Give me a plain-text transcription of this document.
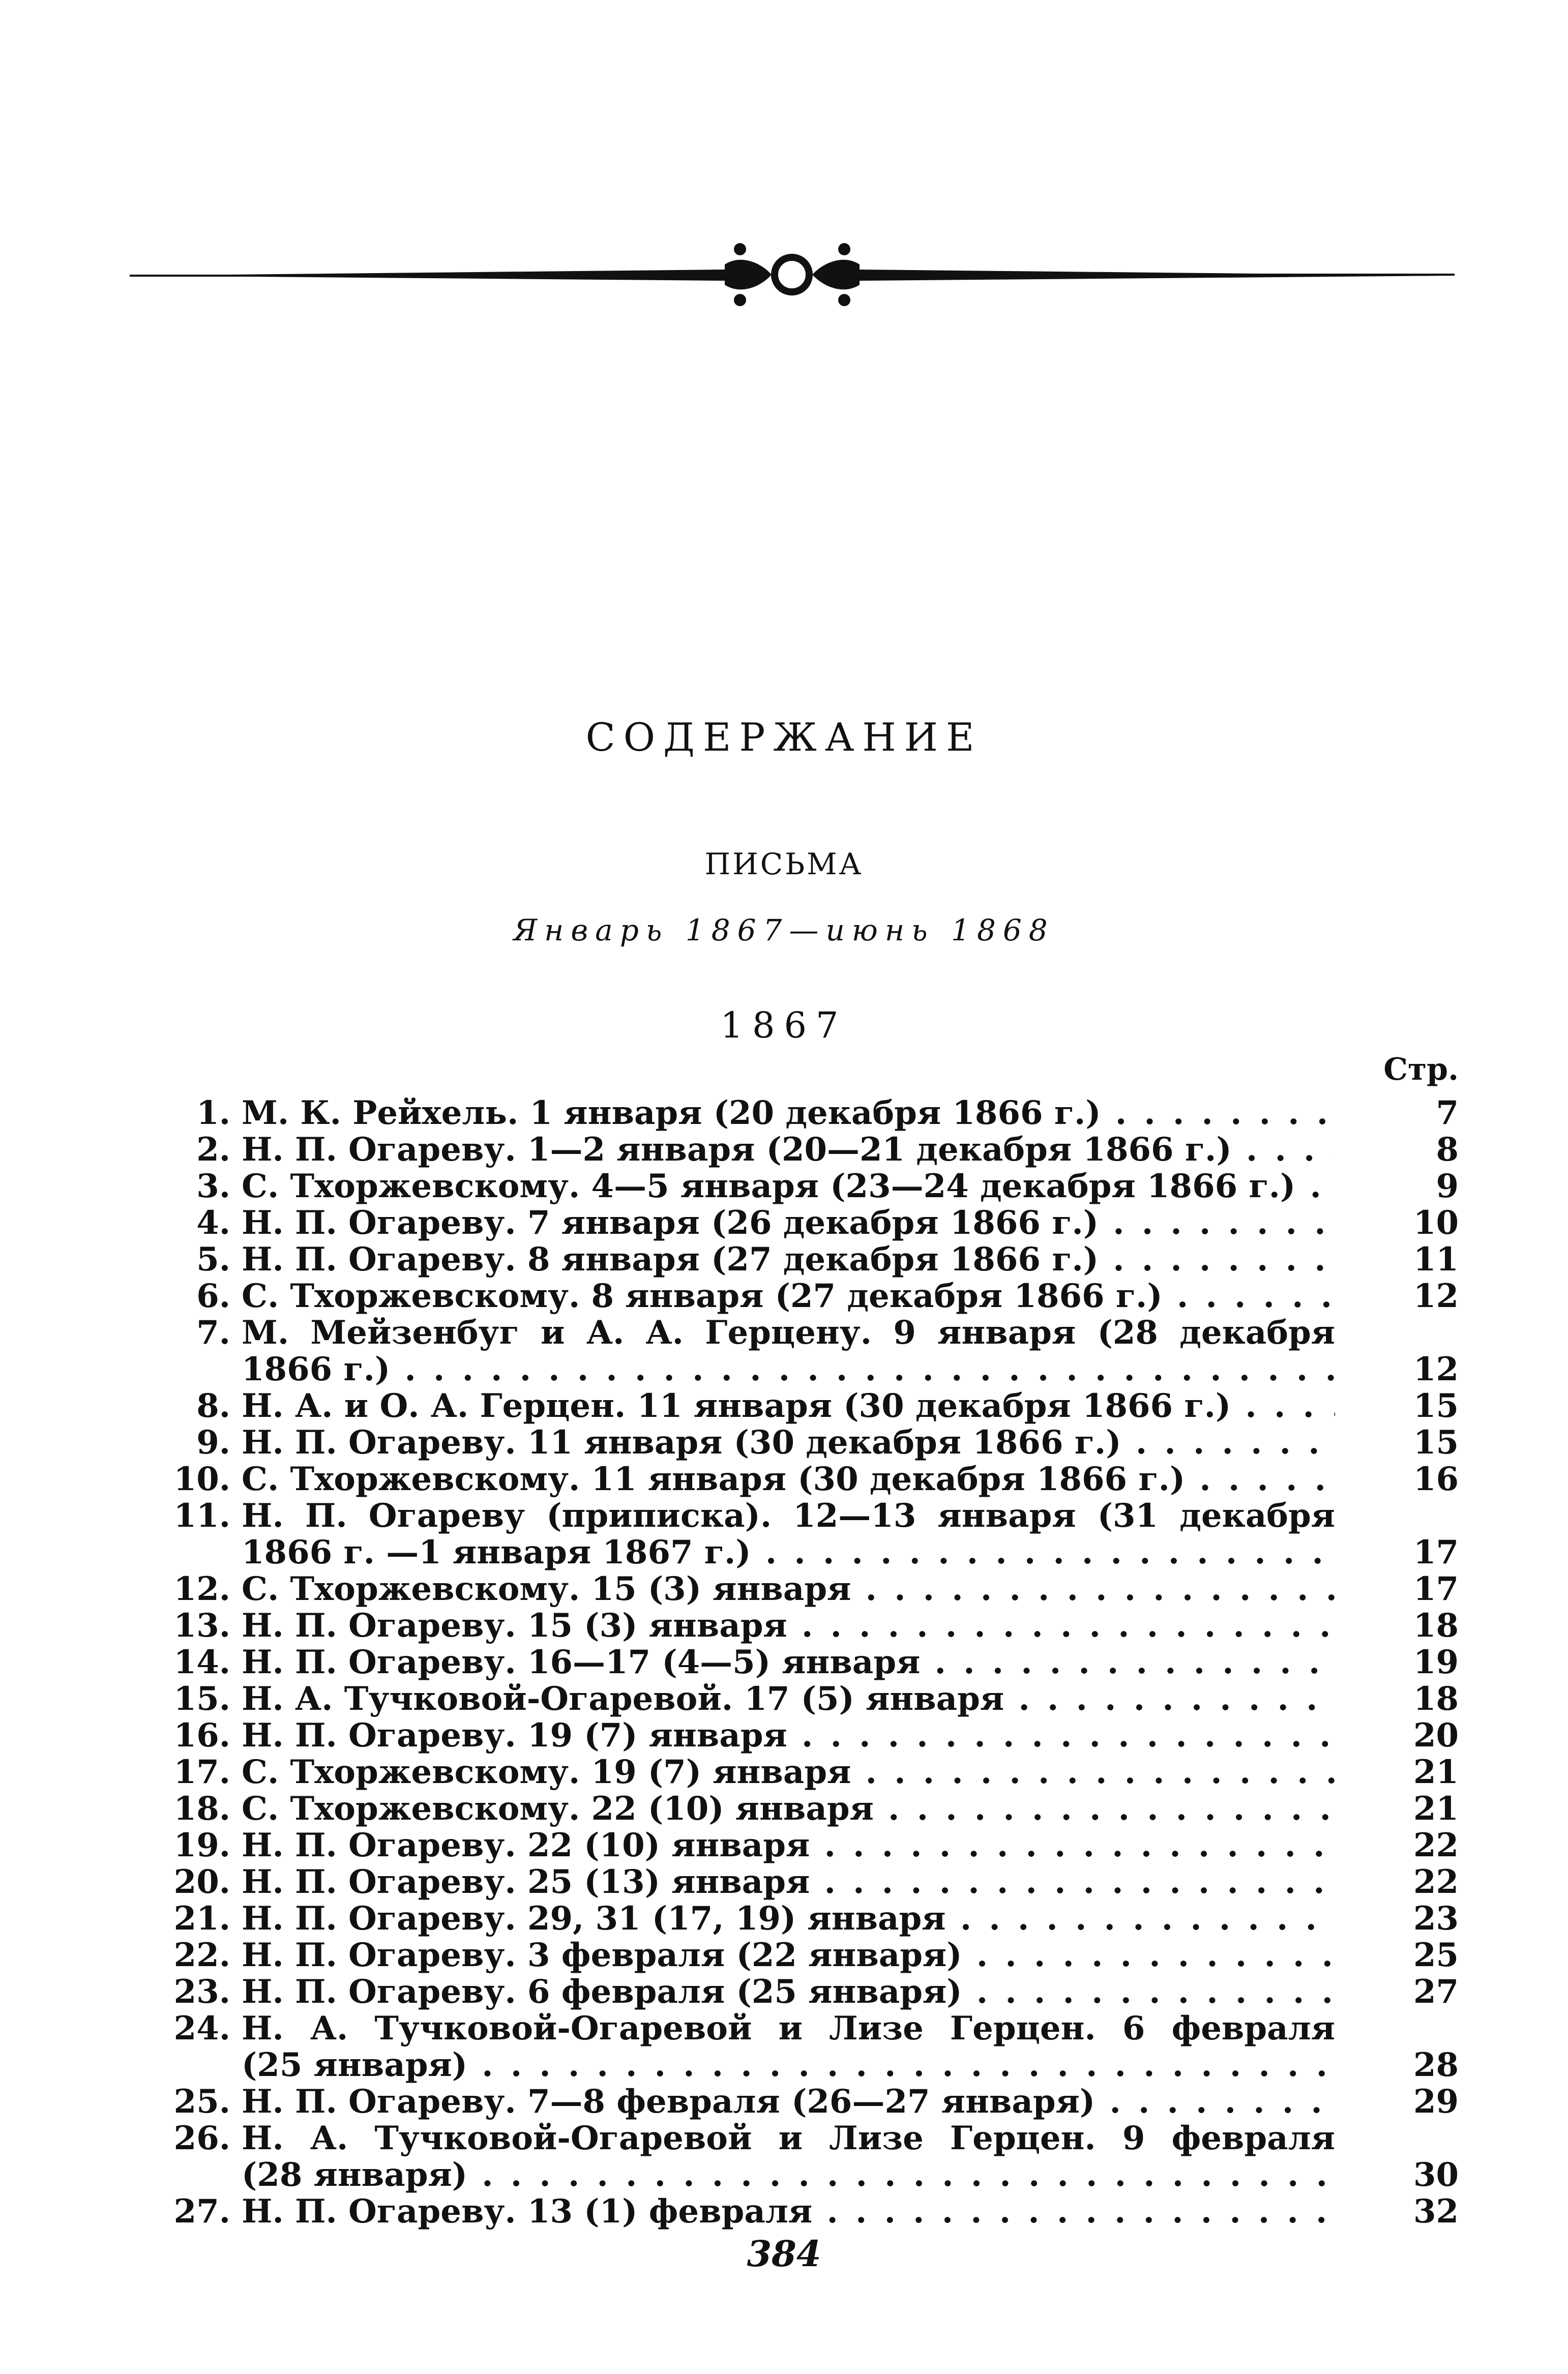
СОДЕРЖАНИЕ
ПИСЬМА
Январь 1867—июнь 1868
1867
Стр.
1. М. К. Рейхель. 1 января (20 декабря 1866 г.) . . .	7
2. Н. П. Огареву. 1—2 января (20—21 декабря 1866 г.) . . .	8
3. С. Тхоржевскому. 4—5 января (23—24 декабря 1866 г.) . . .	9
4. Н. П. Огареву. 7 января (26 декабря 1866 г.) . . .	10
5. Н. П. Огареву. 8 января (27 декабря 1866 г.) . . .	11
6. С. Тхоржевскому. 8 января (27 декабря 1866 г.) . . .	12
7. М. Мейзенбуг и А. А. Герцену. 9 января (28 декабря
1866 г.) . . .	12
8. Н. А. и О. А. Герцен. 11 января (30 декабря 1866 г.) . . .	15
9. Н. П. Огареву. 11 января (30 декабря 1866 г.) . . .	15
10. С. Тхоржевскому. 11 января (30 декабря 1866 г.) . . .	16
11. Н. П. Огареву (приписка). 12—13 января (31 декабря
1866 г. —1 января 1867 г.) . . .	17
12. С. Тхоржевскому. 15 (3) января . . .	17
13. Н. П. Огареву. 15 (3) января . . .	18
14. Н. П. Огареву. 16—17 (4—5) января . . .	19
15. Н. А. Тучковой-Огаревой. 17 (5) января . . .	18
16. Н. П. Огареву. 19 (7) января . . .	20
17. С. Тхоржевскому. 19 (7) января . . .	21
18. С. Тхоржевскому. 22 (10) января . . .	21
19. Н. П. Огареву. 22 (10) января . . .	22
20. Н. П. Огареву. 25 (13) января . . .	22
21. Н. П. Огареву. 29, 31 (17, 19) января . . .	23
22. Н. П. Огареву. 3 февраля (22 января) . . .	25
23. Н. П. Огареву. 6 февраля (25 января) . . .	27
24. Н. А. Тучковой-Огаревой и Лизе Герцен. 6 февраля
(25 января) . . .	28
25. Н. П. Огареву. 7—8 февраля (26—27 января) . . .	29
26. Н. А. Тучковой-Огаревой и Лизе Герцен. 9 февраля
(28 января) . . .	30
27. Н. П. Огареву. 13 (1) февраля . . .	32
384
